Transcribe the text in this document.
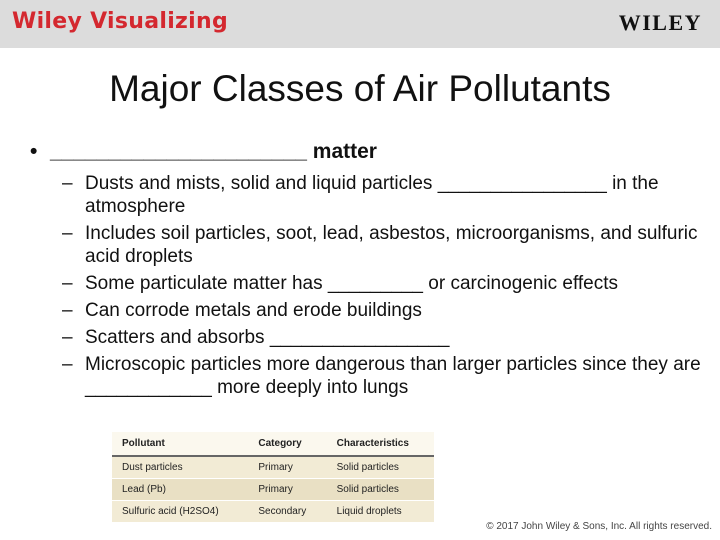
Wiley Visualizing	WILEY
Major Classes of Air Pollutants
• ______________________ matter
– Dusts and mists, solid and liquid particles ________________ in the atmosphere
– Includes soil particles, soot, lead, asbestos, microorganisms, and sulfuric acid droplets
– Some particulate matter has _________ or carcinogenic effects
– Can corrode metals and erode buildings
– Scatters and absorbs _________________
– Microscopic particles more dangerous than larger particles since they are ____________ more deeply into lungs
Pollutant	Category	Characteristics
Dust particles	Primary	Solid particles
Lead (Pb)	Primary	Solid particles
Sulfuric acid (H2SO4)	Secondary	Liquid droplets
© 2017 John Wiley & Sons, Inc. All rights reserved.
